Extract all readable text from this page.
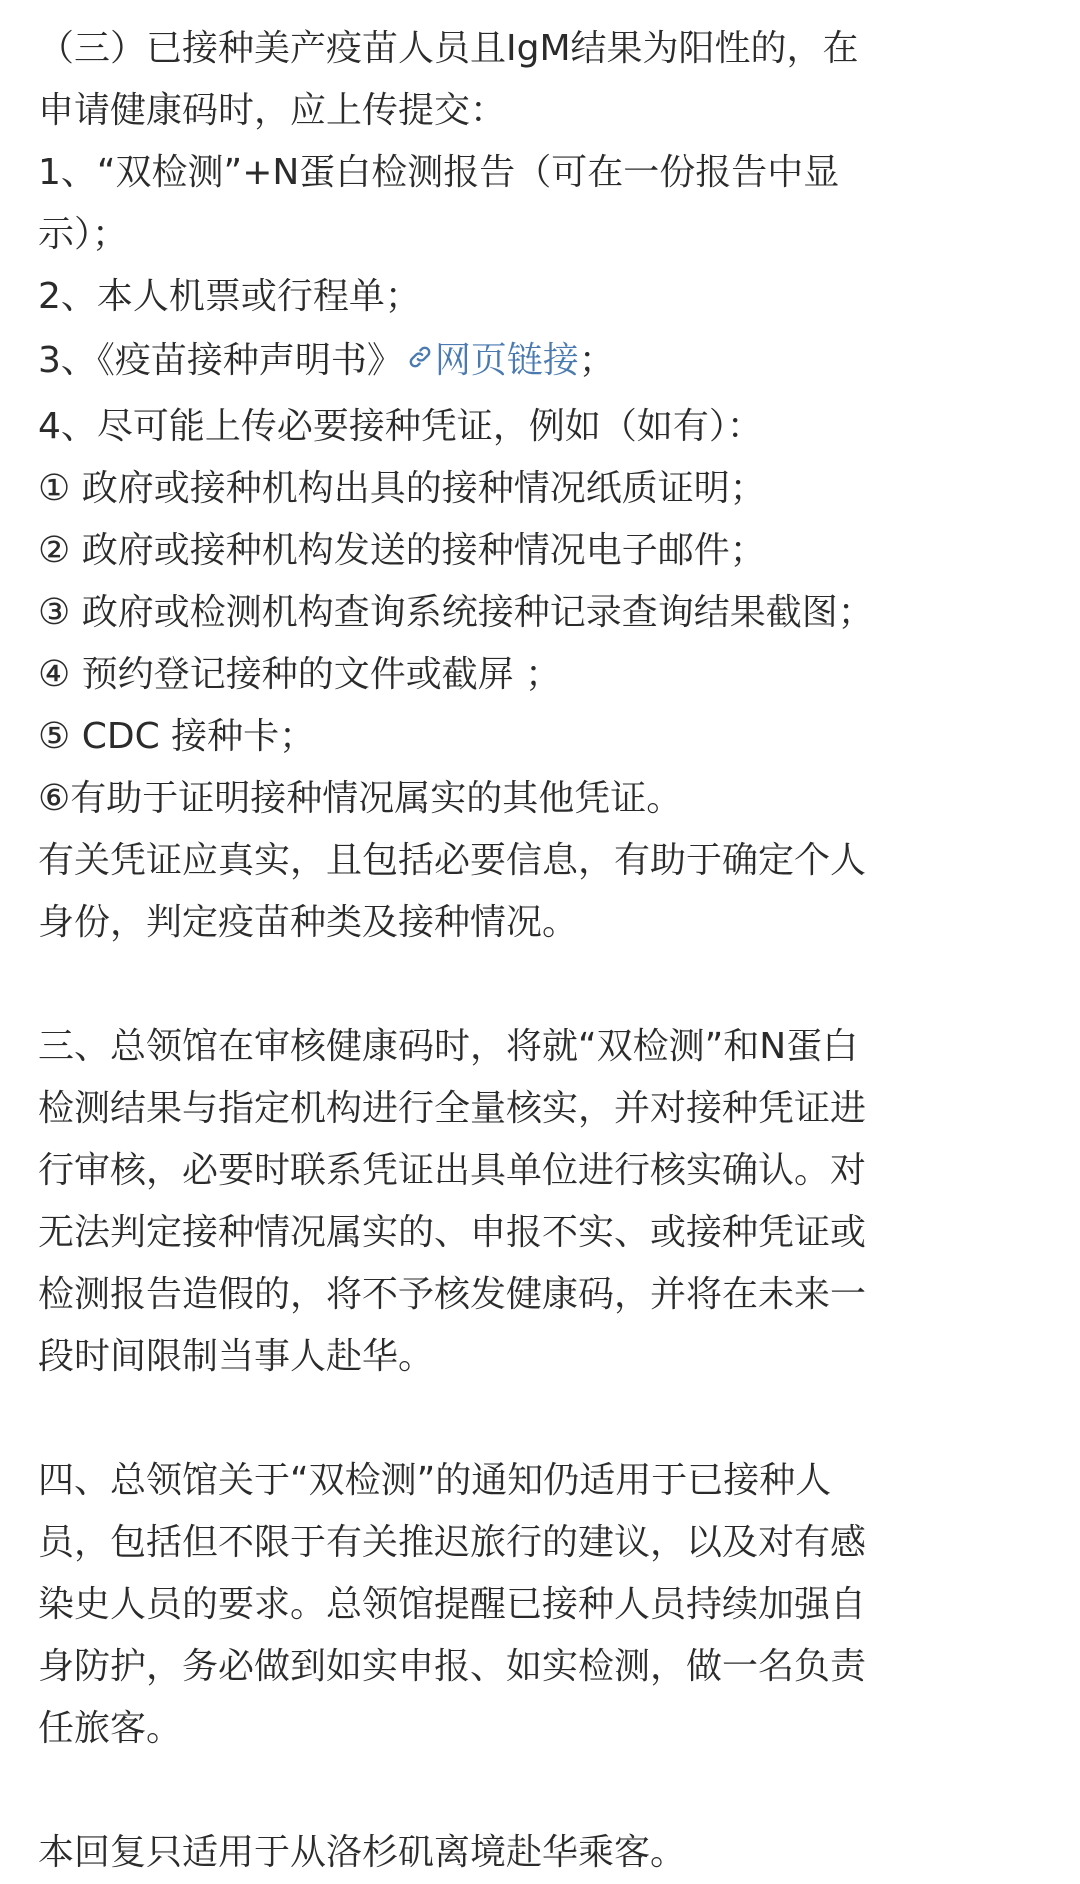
（三）已接种美产疫苗人员且IgM结果为阳性的，在
申请健康码时，应上传提交：
1、“双检测”+N蛋白检测报告（可在一份报告中显
示）；
2、本人机票或行程单；
3、《疫苗接种声明书》 网页链接；
4、尽可能上传必要接种凭证，例如（如有）：
① 政府或接种机构出具的接种情况纸质证明；
② 政府或接种机构发送的接种情况电子邮件；
③ 政府或检测机构查询系统接种记录查询结果截图；
④ 预约登记接种的文件或截屏 ；
⑤ CDC 接种卡；
⑥有助于证明接种情况属实的其他凭证。
有关凭证应真实，且包括必要信息，有助于确定个人
身份，判定疫苗种类及接种情况。
三、总领馆在审核健康码时，将就“双检测”和N蛋白
检测结果与指定机构进行全量核实，并对接种凭证进
行审核，必要时联系凭证出具单位进行核实确认。对
无法判定接种情况属实的、申报不实、或接种凭证或
检测报告造假的，将不予核发健康码，并将在未来一
段时间限制当事人赴华。
四、总领馆关于“双检测”的通知仍适用于已接种人
员，包括但不限于有关推迟旅行的建议，以及对有感
染史人员的要求。总领馆提醒已接种人员持续加强自
身防护，务必做到如实申报、如实检测，做一名负责
任旅客。
本回复只适用于从洛杉矶离境赴华乘客。
